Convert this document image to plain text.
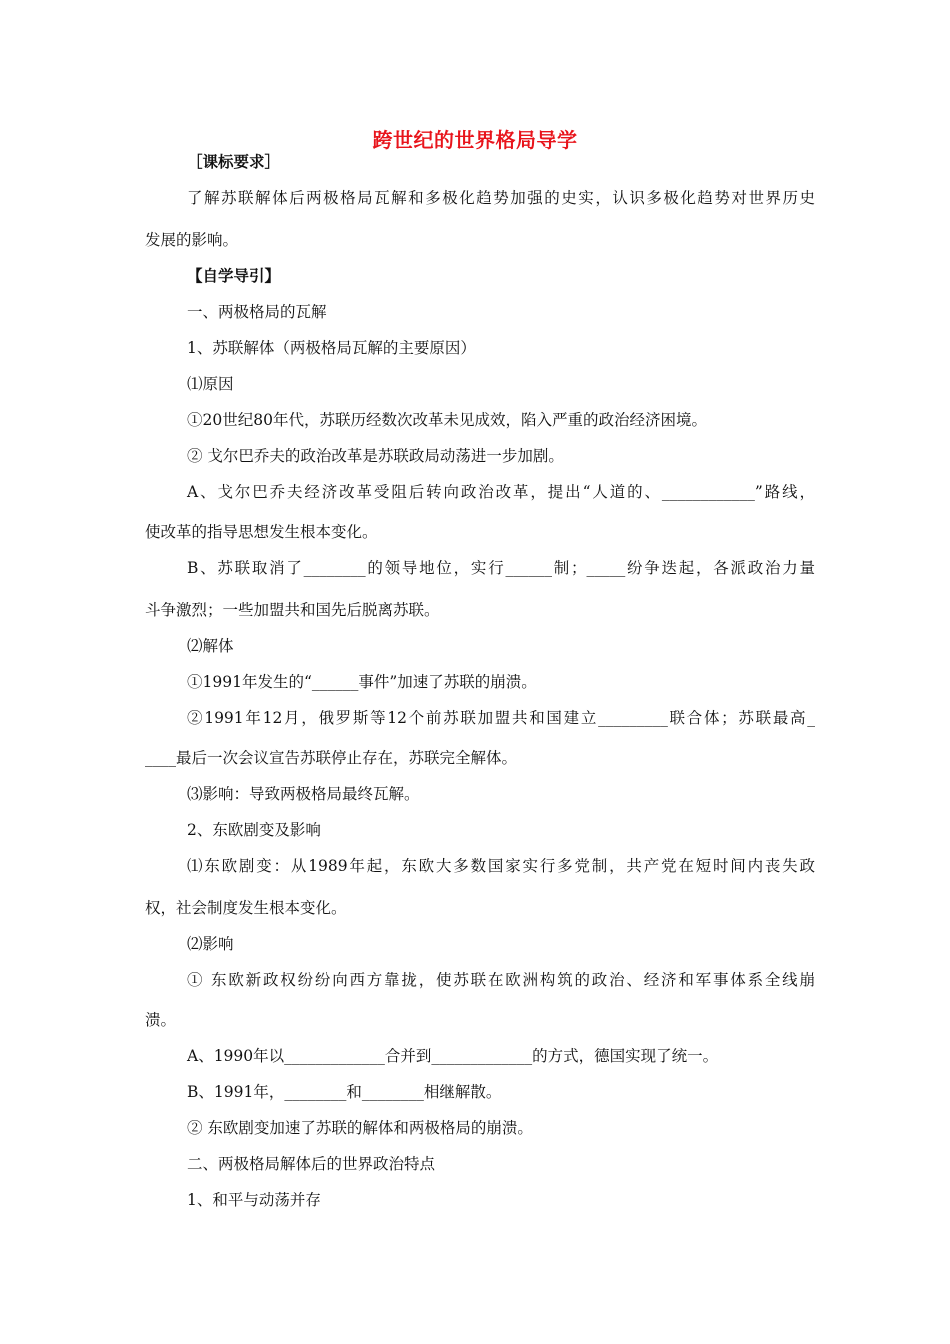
跨世纪的世界格局导学
［课标要求］
了解苏联解体后两极格局瓦解和多极化趋势加强的史实，认识多极化趋势对世界历史
发展的影响。
【自学导引】
一、两极格局的瓦解
1、苏联解体（两极格局瓦解的主要原因）
⑴原因
①20世纪80年代，苏联历经数次改革未见成效，陷入严重的政治经济困境。
② 戈尔巴乔夫的政治改革是苏联政局动荡进一步加剧。
A、戈尔巴乔夫经济改革受阻后转向政治改革，提出“人道的、____________”路线，
使改革的指导思想发生根本变化。
B、苏联取消了________的领导地位，实行______制；_____纷争迭起，各派政治力量
斗争激烈；一些加盟共和国先后脱离苏联。
⑵解体
①1991年发生的“______事件”加速了苏联的崩溃。
②1991年12月，俄罗斯等12个前苏联加盟共和国建立_________联合体；苏联最高_
____最后一次会议宣告苏联停止存在，苏联完全解体。
⑶影响：导致两极格局最终瓦解。
2、东欧剧变及影响
⑴东欧剧变：从1989年起，东欧大多数国家实行多党制，共产党在短时间内丧失政
权，社会制度发生根本变化。
⑵影响
① 东欧新政权纷纷向西方靠拢，使苏联在欧洲构筑的政治、经济和军事体系全线崩
溃。
A、1990年以_____________合并到_____________的方式，德国实现了统一。
B、1991年，________和________相继解散。
② 东欧剧变加速了苏联的解体和两极格局的崩溃。
二、两极格局解体后的世界政治特点
1、和平与动荡并存
